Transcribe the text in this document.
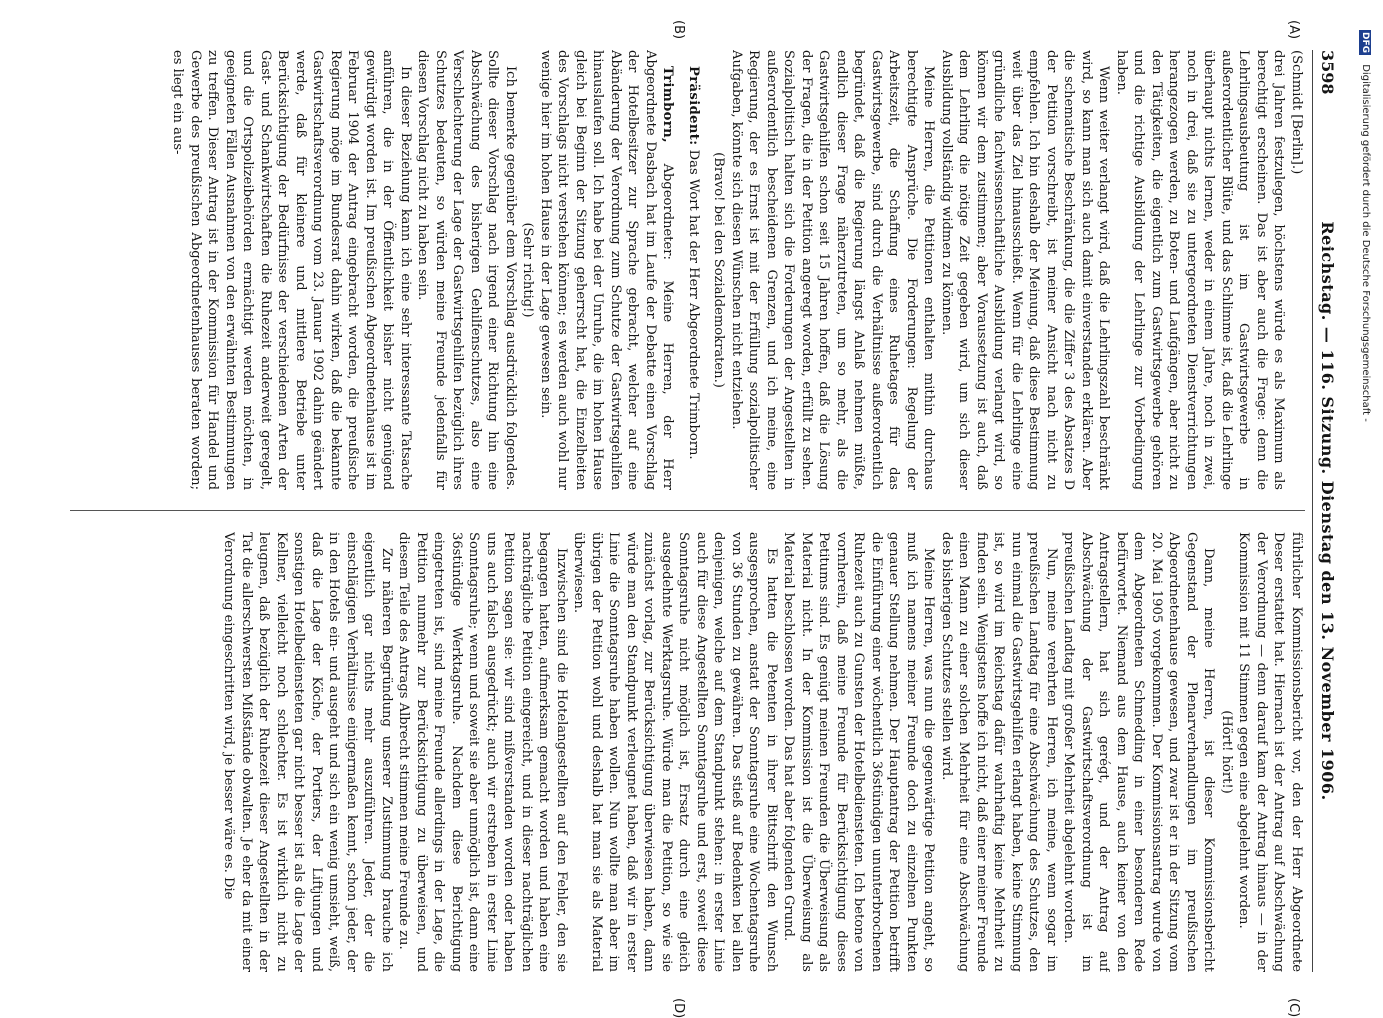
3598
Reichstag. — 116. Sitzung. Dienstag den 13. November 1906.
(A)
(B)
(C)
(D)

(Schmidt [Berlin].)

drei Jahren festzulegen, höchstens würde es als Maximum als berechtigt erscheinen. Das ist aber auch die Frage: denn die Lehrlingsausbeutung ist im Gastwirtsgewerbe in außerordentlicher Blüte, und das Schlimme ist, daß die Lehrlinge überhaupt nichts lernen, weder in einem Jahre, noch in zwei, noch in drei, daß sie zu untergeordneten Dienstverrichtungen herangezogen werden, zu Boten- und Laufgängen, aber nicht zu den Tätigkeiten, die eigentlich zum Gastwirtsgewerbe gehören und die richtige Ausbildung der Lehrlinge zur Vorbedingung haben.

Wenn weiter verlangt wird, daß die Lehrlingszahl beschränkt wird, so kann man sich auch damit einverstanden erklären. Aber die schematische Beschränkung, die die Ziffer 3 des Absatzes D der Petition vorschreibt, ist meiner Ansicht nach nicht zu empfehlen. Ich bin deshalb der Meinung, daß diese Bestimmung weit über das Ziel hinausschießt. Wenn für die Lehrlinge eine gründliche fachwissenschaftliche Ausbildung verlangt wird, so können wir dem zustimmen; aber Voraussetzung ist auch, daß dem Lehrling die nötige Zeit gegeben wird, um sich dieser Ausbildung vollständig widmen zu können.

Meine Herren, die Petitionen enthalten mithin durchaus berechtigte Ansprüche. Die Forderungen: Regelung der Arbeitszeit, die Schaffung eines Ruhetages für das Gastwirtsgewerbe, sind durch die Verhältnisse außerordentlich begründet, daß die Regierung längst Anlaß nehmen müßte, endlich dieser Frage näherzutreten, um so mehr, als die Gastwirtsgehilfen schon seit 15 Jahren hoffen, daß die Lösung der Fragen, die in der Petition angeregt worden, erfüllt zu sehen. Sozialpolitisch halten sich die Forderungen der Angestellten in außerordentlich bescheidenen Grenzen, und ich meine, eine Regierung, der es Ernst ist mit der Erfüllung sozialpolitischer Aufgaben, könnte sich diesen Wünschen nicht entziehen.

(Bravo! bei den Sozialdemokraten.)

Präsident: Das Wort hat der Herr Abgeordnete Trimborn.

Trimborn, Abgeordneter: Meine Herren, der Herr Abgeordnete Dasbach hat im Laufe der Debatte einen Vorschlag der Hotelbesitzer zur Sprache gebracht, welcher auf eine Abänderung der Verordnung zum Schutze der Gastwirtsgehilfen hinauslaufen soll. Ich habe bei der Unruhe, die im hohen Hause gleich bei Beginn der Sitzung geherrscht hat, die Einzelheiten des Vorschlags nicht verstehen können; es werden auch wohl nur wenige hier im hohen Hause in der Lage gewesen sein.

(Sehr richtig!)

Ich bemerke gegenüber dem Vorschlag ausdrücklich folgendes. Sollte dieser Vorschlag nach irgend einer Richtung hin eine Abschwächung des bisherigen Gehilfenschutzes, also eine Verschlechterung der Lage der Gastwirtsgehilfen bezüglich ihres Schutzes bedeuten, so würden meine Freunde jedenfalls für diesen Vorschlag nicht zu haben sein.

In dieser Beziehung kann ich eine sehr interessante Tatsache anführen, die in der Öffentlichkeit bisher nicht genügend gewürdigt worden ist. Im preußischen Abgeordnetenhause ist im Februar 1904 der Antrag eingebracht worden, die preußische Regierung möge im Bundesrat dahin wirken, daß die bekannte Gastwirtschaftsverordnung vom 23. Januar 1902 dahin geändert werde, daß für kleinere und mittlere Betriebe unter Berücksichtigung der Bedürfnisse der verschiedenen Arten der Gast- und Schankwirtschaften die Ruhezeit anderweit geregelt, und die Ortspolizeibehörden ermächtigt werden möchten, in geeigneten Fällen Ausnahmen von den erwähnten Bestimmungen zu treffen. Dieser Antrag ist in der Kommission für Handel und Gewerbe des preußischen Abgeordnetenhauses beraten worden; es liegt ein aus-

führlicher Kommissionsbericht vor, den der Herr Abgeordnete Deser erstattet hat. Hiernach ist der Antrag auf Abschwächung der Verordnung — denn darauf kam der Antrag hinaus — in der Kommission mit 11 Stimmen gegen eine abgelehnt worden.

(Hört! hört!)

Dann, meine Herren, ist dieser Kommissionsbericht Gegenstand der Plenarverhandlungen im preußischen Abgeordnetenhause gewesen, und zwar ist er in der Sitzung vom 20. Mai 1905 vorgekommen. Der Kommissionsantrag wurde von dem Abgeordneten Schmedding in einer besonderen Rede befürwortet. Niemand aus dem Hause, auch keiner von den Antragstellern, hat sich gerégt, und der Antrag auf Abschwächung der Gastwirtschaftsverordnung ist im preußischen Landtag mit großer Mehrheit abgelehnt worden.

Nun, meine verehrten Herren, ich meine, wenn sogar im preußischen Landtag für eine Abschwächung des Schutzes, den nun einmal die Gastwirtsgehilfen erlangt haben, keine Stimmung ist, so wird im Reichstag dafür wahrhaftig keine Mehrheit zu finden sein. Wenigstens hoffe ich nicht, daß einer meiner Freunde einen Mann zu einer solchen Mehrheit für eine Abschwächung des bisherigen Schutzes stellen wird.

Meine Herren, was nun die gegenwärtige Petition angeht, so muß ich namens meiner Freunde doch zu einzelnen Punkten genauer Stellung nehmen. Der Hauptantrag der Petition betrifft die Einführung einer wöchentlich 36stündigen ununterbrochenen Ruhezeit auch zu Gunsten der Hotelbediensteten. Ich betone von vornherein, daß meine Freunde für Berücksichtigung dieses Petitums sind. Es genügt meinen Freunden die Überweisung als Material nicht. In der Kommission ist die Überweisung als Material beschlossen worden. Das hat aber folgenden Grund.

Es hatten die Petenten in ihrer Bittschrift den Wunsch ausgesprochen, anstatt der Sonntagsruhe eine Wochentagsruhe von 36 Stunden zu gewähren. Das stieß auf Bedenken bei allen denjenigen, welche auf dem Standpunkt stehen: in erster Linie auch für diese Angestellten Sonntagsruhe und erst, soweit diese Sonntagsruhe nicht möglich ist, Ersatz durch eine gleich ausgedehnte Werktagsruhe. Würde man die Petition, so wie sie zunächst vorlag, zur Berücksichtigung überwiesen haben, dann würde man den Standpunkt verleugnet haben, daß wir in erster Linie die Sonntagsruhe haben wollen. Nun wollte man aber im übrigen der Petition wohl und deshalb hat man sie als Material überwiesen.

Inzwischen sind die Hotelangestellten auf den Fehler, den sie begangen hatten, aufmerksam gemacht worden und haben eine nachträgliche Petition eingereicht, und in dieser nachträglichen Petition sagen sie: wir sind mißverstanden worden oder haben uns auch falsch ausgedrückt; auch wir erstreben in erster Linie Sonntagsruhe; wenn und soweit sie aber unmöglich ist, dann eine 36stündige Werktagsruhe. Nachdem diese Berichtigung eingetreten ist, sind meine Freunde allerdings in der Lage, die Petition nunmehr zur Berücksichtigung zu überweisen, und diesem Teile des Antrags Albrecht stimmen meine Freunde zu.

Zur näheren Begründung unserer Zustimmung brauche ich eigentlich gar nichts mehr auszuführen. Jeder, der die einschlägigen Verhältnisse einigermaßen kennt, schon jeder, der in den Hotels ein- und ausgeht und sich ein wenig umsieht, weiß, daß die Lage der Köche, der Portiers, der Liftjungen und sonstigen Hotelbediensteten gar nicht besser ist als die Lage der Kellner, vielleicht noch schlechter. Es ist wirklich nicht zu leugnen, daß bezüglich der Ruhezeit dieser Angestellten in der Tat die allerschwersten Mißstände obwalten. Je eher da mit einer Verordnung eingeschritten wird, je besser wäre es. Die

DFG Digitalisierung gefördert durch die Deutsche Forschungsgemeinschaft -
